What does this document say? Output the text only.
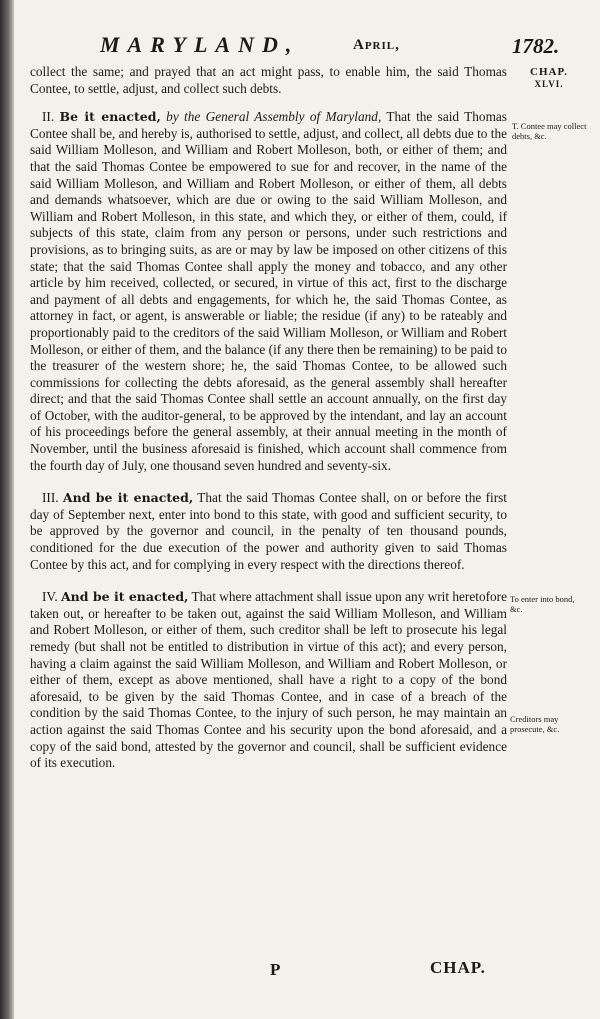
MARYLAND,	April,	1782.
CHAP.
XLVI.
T. Contee may collect debts, &c.
To enter into bond, &c.
Creditors may prosecute, &c.

collect the same; and prayed that an act might pass, to enable him, the said Thomas Contee, to settle, adjust, and collect such debts.

II. Be it enacted, by the General Assembly of Maryland, That the said Thomas Contee shall be, and hereby is, authorised to settle, adjust, and collect, all debts due to the said William Molleson, and William and Robert Molleson, both, or either of them; and that the said Thomas Contee be empowered to sue for and recover, in the name of the said William Molleson, and William and Robert Molleson, or either of them, all debts and demands whatsoever, which are due or owing to the said William Molleson, and William and Robert Molleson, in this state, and which they, or either of them, could, if subjects of this state, claim from any person or persons, under such restrictions and provisions, as to bringing suits, as are or may by law be imposed on other citizens of this state; that the said Thomas Contee shall apply the money and tobacco, and any other article by him received, collected, or secured, in virtue of this act, first to the discharge and payment of all debts and engagements, for which he, the said Thomas Contee, as attorney in fact, or agent, is answerable or liable; the residue (if any) to be rateably and proportionably paid to the creditors of the said William Molleson, or William and Robert Molleson, or either of them, and the balance (if any there then be remaining) to be paid to the treasurer of the western shore; he, the said Thomas Contee, to be allowed such commissions for collecting the debts aforesaid, as the general assembly shall hereafter direct; and that the said Thomas Contee shall settle an account annually, on the first day of October, with the auditor-general, to be approved by the intendant, and lay an account of his proceedings before the general assembly, at their annual meeting in the month of November, until the business aforesaid is finished, which account shall commence from the fourth day of July, one thousand seven hundred and seventy-six.

III. And be it enacted, That the said Thomas Contee shall, on or before the first day of September next, enter into bond to this state, with good and sufficient security, to be approved by the governor and council, in the penalty of ten thousand pounds, conditioned for the due execution of the power and authority given to said Thomas Contee by this act, and for complying in every respect with the directions thereof.

IV. And be it enacted, That where attachment shall issue upon any writ heretofore taken out, or hereafter to be taken out, against the said William Molleson, and William and Robert Molleson, or either of them, such creditor shall be left to prosecute his legal remedy (but shall not be entitled to distribution in virtue of this act); and every person, having a claim against the said William Molleson, and William and Robert Molleson, or either of them, except as above mentioned, shall have a right to a copy of the bond aforesaid, to be given by the said Thomas Contee, and in case of a breach of the condition by the said Thomas Contee, to the injury of such person, he may maintain an action against the said Thomas Contee and his security upon the bond aforesaid, and a copy of the said bond, attested by the governor and council, shall be sufficient evidence of its execution.

P	CHAP.
